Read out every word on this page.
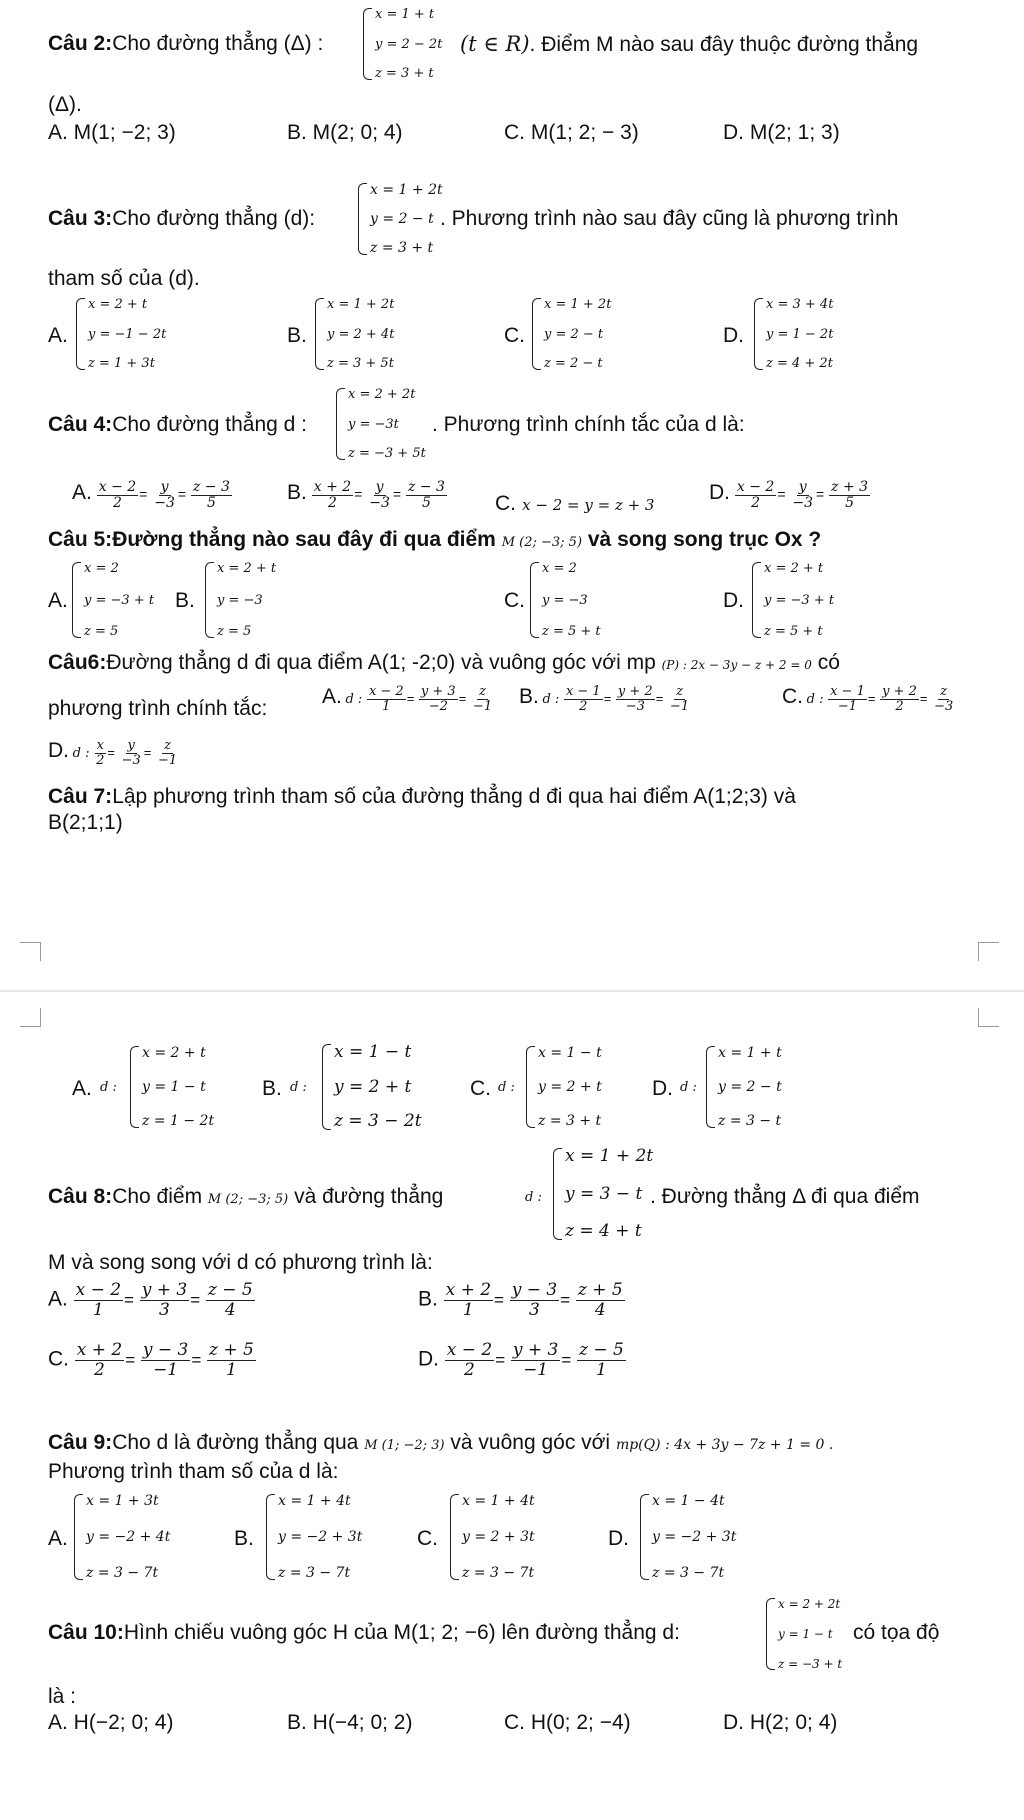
Câu 2:Cho đường thẳng (Δ) :
x = 1 + t
y = 2 − 2t
z = 3 + t
(t ∈ R). Điểm M nào sau đây thuộc đường thẳng
(Δ).
A. M(1; −2; 3)	B. M(2; 0; 4)	C. M(1; 2; − 3)	D. M(2; 1; 3)
Câu 3:Cho đường thẳng (d):
x = 1 + 2t
y = 2 − t
z = 3 + t
. Phương trình nào sau đây cũng là phương trình
tham số của (d).
A.
x = 2 + t
y = −1 − 2t
z = 1 + 3t
B.
x = 1 + 2t
y = 2 + 4t
z = 3 + 5t
C.
x = 1 + 2t
y = 2 − t
z = 2 − t
D.
x = 3 + 4t
y = 1 − 2t
z = 4 + 2t
Câu 4:Cho đường thẳng d :
x = 2 + 2t
y = −3t
z = −3 + 5t
. Phương trình chính tắc của d là:
A. $\frac{x - 2}{2} = \frac{y}{-3} = \frac{z - 3}{5}$	B. $\frac{x + 2}{2} = \frac{y}{-3} = \frac{z - 3}{5} C$. x − 2 = y = z + 3
D. $\frac{x - 2}{2} = \frac{y}{-3} = \frac{z + 3}{5}$
Câu 5:Đường thẳng nào sau đây đi qua điểm M (2; −3; 5) và song song trục Ox ?
A.
x = 2
y = −3 + t
z = 5
B.
x = 2 + t
y = −3
z = 5
C.
x = 2
y = −3
z = 5 + t
D.
x = 2 + t
y = −3 + t
z = 5 + t
Câu6:Đường thẳng d đi qua điểm A(1; -2;0) và vuông góc với mp (P) : 2x − 3y − z + 2 = 0 có
phương trình chính tắc:
A. d : $\frac{x - 2}{1} = \frac{y + 3}{-2} = \frac{z}{-1} B$. d : $\frac{x - 1}{2} = \frac{y + 2}{-3} = \frac{z}{-1}$	C. d : $\frac{x - 1}{-1} = \frac{y + 2}{2} = \frac{z}{-3}$
D. d : $\frac{x}{2} = \frac{y}{-3} = \frac{z}{-1}$
Câu 7:Lập phương trình tham số của đường thẳng d đi qua hai điểm A(1;2;3) và
B(2;1;1)
A. d :
x = 2 + t
y = 1 − t
z = 1 − 2t
B. d :
x = 1 − t
y = 2 + t
z = 3 − 2t
C. d :
x = 1 − t
y = 2 + t
z = 3 + t
D. d :
x = 1 + t
y = 2 − t
z = 3 − t
Câu 8:Cho điểm M (2; −3; 5) và đường thẳng	d :
x = 1 + 2t
y = 3 − t
z = 4 + t
. Đường thẳng Δ đi qua điểm
M và song song với d có phương trình là:
A. $\frac{x - 2}{1} = \frac{y + 3}{3} = \frac{z - 5}{4}$	B. $\frac{x + 2}{1} = \frac{y - 3}{3} = \frac{z + 5}{4}$
C. $\frac{x + 2}{2} = \frac{y - 3}{-1} = \frac{z + 5}{1}$	D. $\frac{x - 2}{2} = \frac{y + 3}{-1} = \frac{z - 5}{1}$
Câu 9:Cho d là đường thẳng qua M (1; −2; 3) và vuông góc với mp(Q) : 4x + 3y − 7z + 1 = 0 .
Phương trình tham số của d là:
A.
x = 1 + 3t
y = −2 + 4t
z = 3 − 7t
B.
x = 1 + 4t
y = −2 + 3t
z = 3 − 7t
C.
x = 1 + 4t
y = 2 + 3t
z = 3 − 7t
D.
x = 1 − 4t
y = −2 + 3t
z = 3 − 7t
Câu 10:Hình chiếu vuông góc H của M(1; 2; −6) lên đường thẳng d:
x = 2 + 2t
y = 1 − t
z = −3 + t
có tọa độ
là :
A. H(−2; 0; 4)	B. H(−4; 0; 2)	C. H(0; 2; −4)	D. H(2; 0; 4)
